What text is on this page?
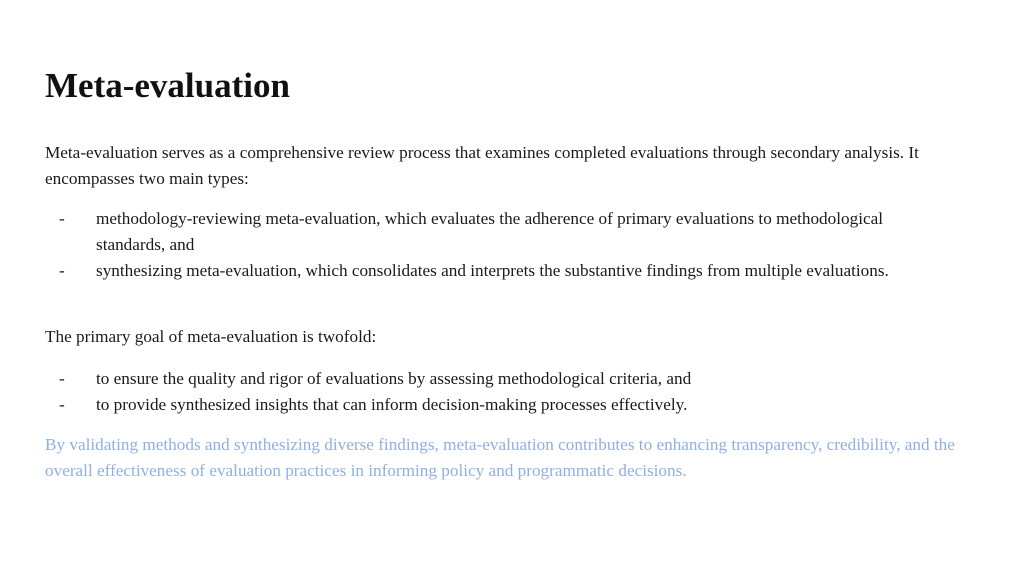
Meta-evaluation

Meta-evaluation serves as a comprehensive review process that examines completed evaluations through secondary analysis. It encompasses two main types:

- methodology-reviewing meta-evaluation, which evaluates the adherence of primary evaluations to methodological standards, and
- synthesizing meta-evaluation, which consolidates and interprets the substantive findings from multiple evaluations.

The primary goal of meta-evaluation is twofold:

- to ensure the quality and rigor of evaluations by assessing methodological criteria, and
- to provide synthesized insights that can inform decision-making processes effectively.

By validating methods and synthesizing diverse findings, meta-evaluation contributes to enhancing transparency, credibility, and the overall effectiveness of evaluation practices in informing policy and programmatic decisions.
